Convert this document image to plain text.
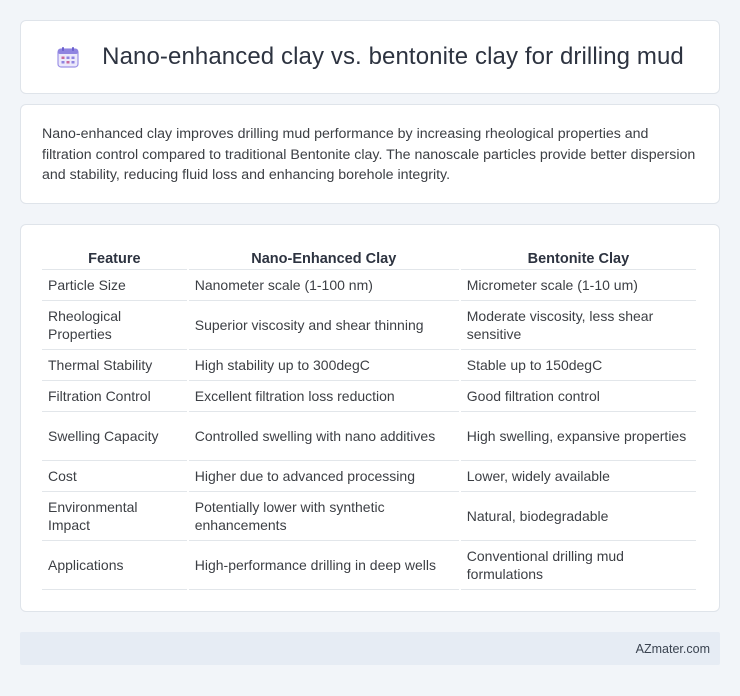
Nano-enhanced clay vs. bentonite clay for drilling mud

Nano-enhanced clay improves drilling mud performance by increasing rheological properties and filtration control compared to traditional Bentonite clay. The nanoscale particles provide better dispersion and stability, reducing fluid loss and enhancing borehole integrity.

Feature	Nano-Enhanced Clay	Bentonite Clay
Particle Size	Nanometer scale (1-100 nm)	Micrometer scale (1-10 um)
Rheological Properties	Superior viscosity and shear thinning	Moderate viscosity, less shear sensitive
Thermal Stability	High stability up to 300degC	Stable up to 150degC
Filtration Control	Excellent filtration loss reduction	Good filtration control
Swelling Capacity	Controlled swelling with nano additives	High swelling, expansive properties
Cost	Higher due to advanced processing	Lower, widely available
Environmental Impact	Potentially lower with synthetic enhancements	Natural, biodegradable
Applications	High-performance drilling in deep wells	Conventional drilling mud formulations
AZmater.com
